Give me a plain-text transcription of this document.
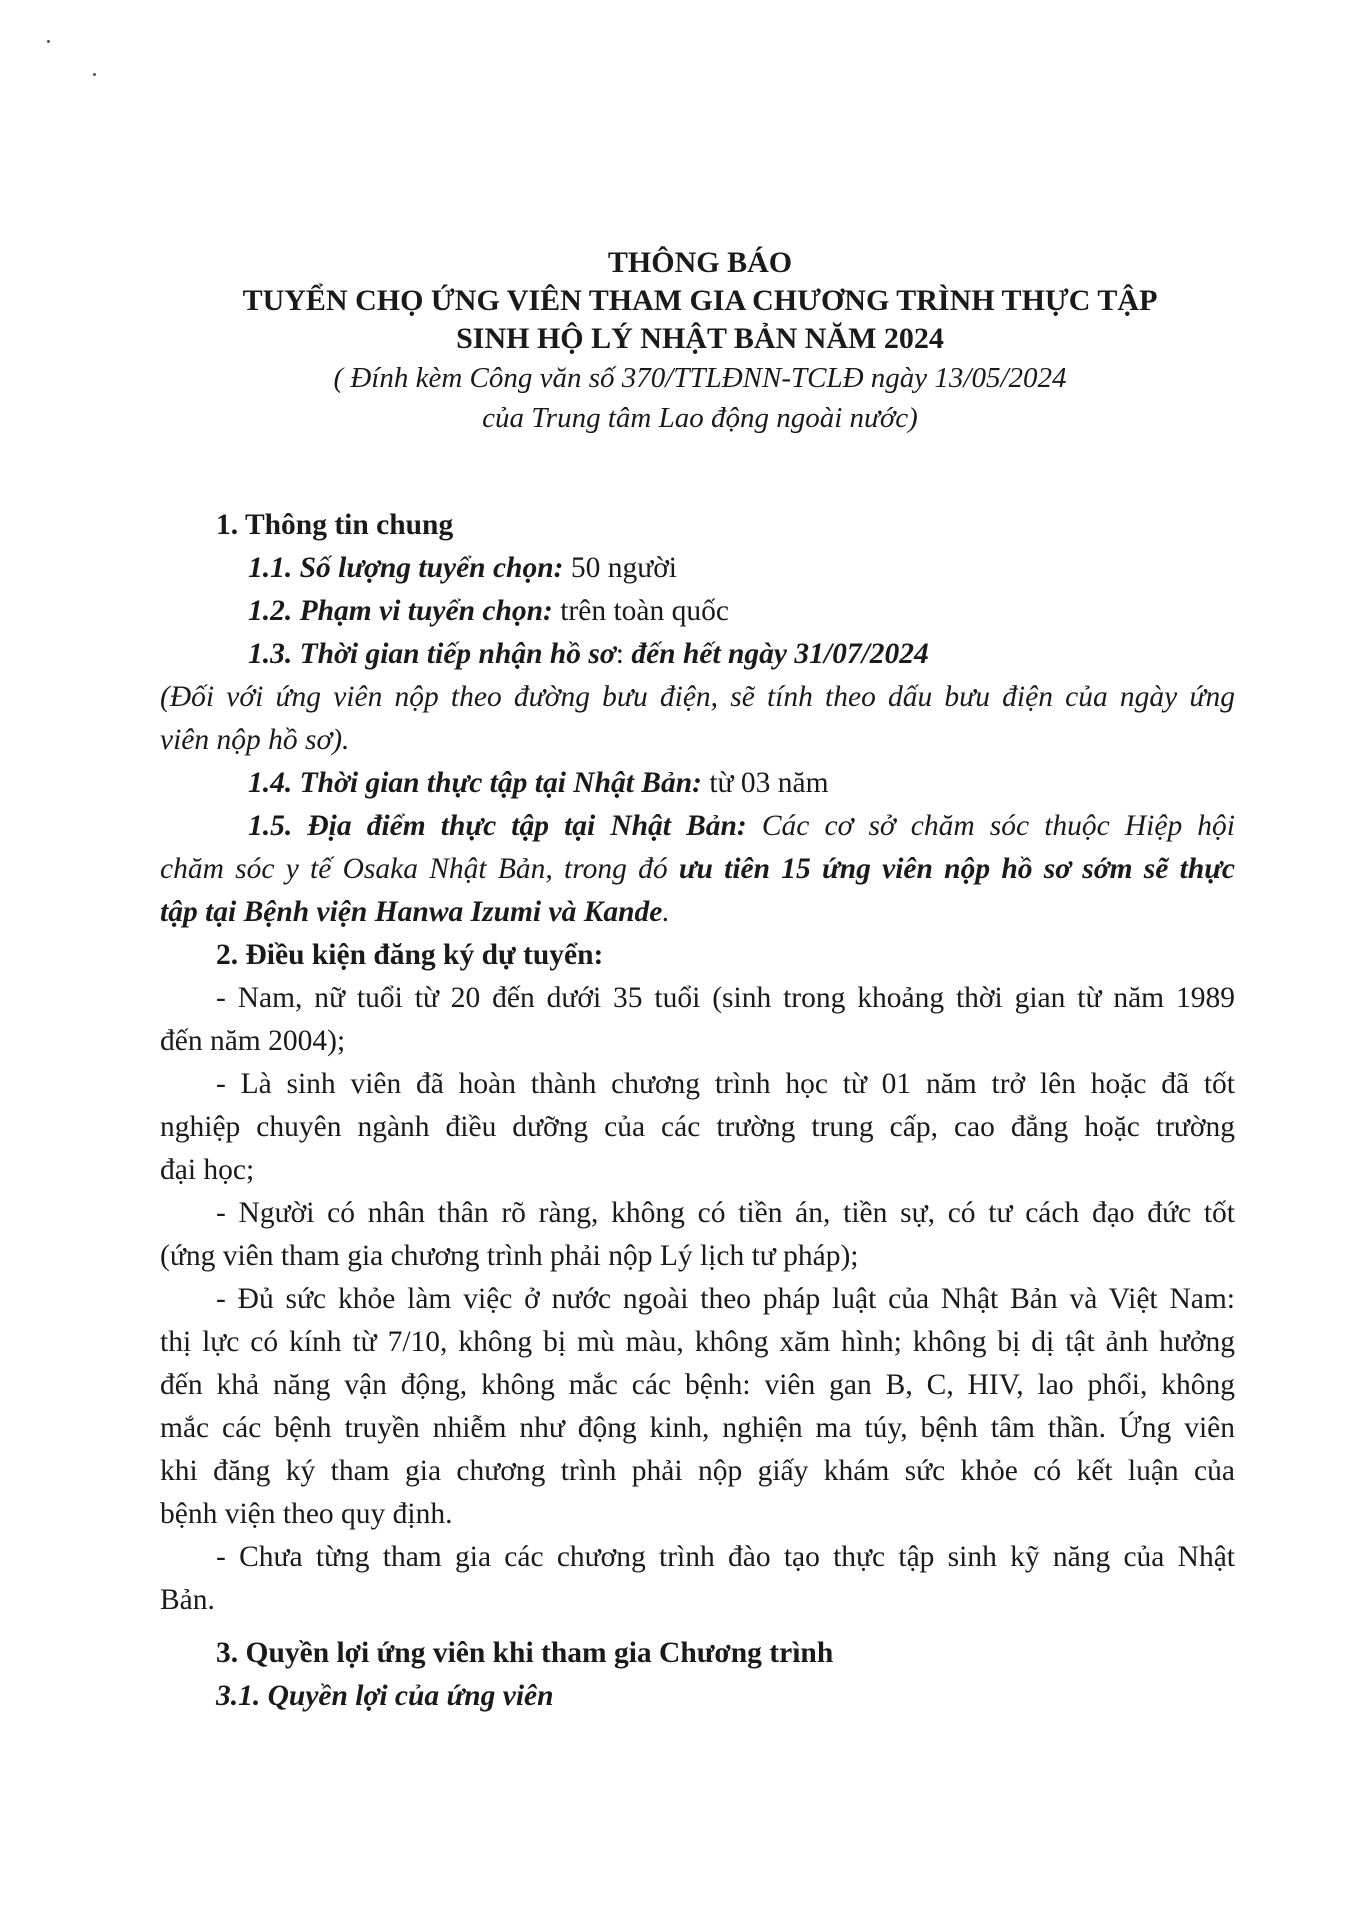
THÔNG BÁO
TUYỂN CHỌ ỨNG VIÊN THAM GIA CHƯƠNG TRÌNH THỰC TẬP
SINH HỘ LÝ NHẬT BẢN NĂM 2024
( Đính kèm Công văn số 370/TTLĐNN-TCLĐ ngày 13/05/2024
của Trung tâm Lao động ngoài nước)
1. Thông tin chung
1.1. Số lượng tuyển chọn: 50 người
1.2. Phạm vi tuyển chọn: trên toàn quốc
1.3. Thời gian tiếp nhận hồ sơ: đến hết ngày 31/07/2024
(Đối với ứng viên nộp theo đường bưu điện, sẽ tính theo dấu bưu điện của ngày ứng
viên nộp hồ sơ).
1.4. Thời gian thực tập tại Nhật Bản: từ 03 năm
1.5. Địa điểm thực tập tại Nhật Bản: Các cơ sở chăm sóc thuộc Hiệp hội
chăm sóc y tế Osaka Nhật Bản, trong đó ưu tiên 15 ứng viên nộp hồ sơ sớm sẽ thực
tập tại Bệnh viện Hanwa Izumi và Kande.
2. Điều kiện đăng ký dự tuyển:
- Nam, nữ tuổi từ 20 đến dưới 35 tuổi (sinh trong khoảng thời gian từ năm 1989
đến năm 2004);
- Là sinh viên đã hoàn thành chương trình học từ 01 năm trở lên hoặc đã tốt
nghiệp chuyên ngành điều dưỡng của các trường trung cấp, cao đẳng hoặc trường
đại học;
- Người có nhân thân rõ ràng, không có tiền án, tiền sự, có tư cách đạo đức tốt
(ứng viên tham gia chương trình phải nộp Lý lịch tư pháp);
- Đủ sức khỏe làm việc ở nước ngoài theo pháp luật của Nhật Bản và Việt Nam:
thị lực có kính từ 7/10, không bị mù màu, không xăm hình; không bị dị tật ảnh hưởng
đến khả năng vận động, không mắc các bệnh: viên gan B, C, HIV, lao phổi, không
mắc các bệnh truyền nhiễm như động kinh, nghiện ma túy, bệnh tâm thần. Ứng viên
khi đăng ký tham gia chương trình phải nộp giấy khám sức khỏe có kết luận của
bệnh viện theo quy định.
- Chưa từng tham gia các chương trình đào tạo thực tập sinh kỹ năng của Nhật
Bản.
3. Quyền lợi ứng viên khi tham gia Chương trình
3.1. Quyền lợi của ứng viên
